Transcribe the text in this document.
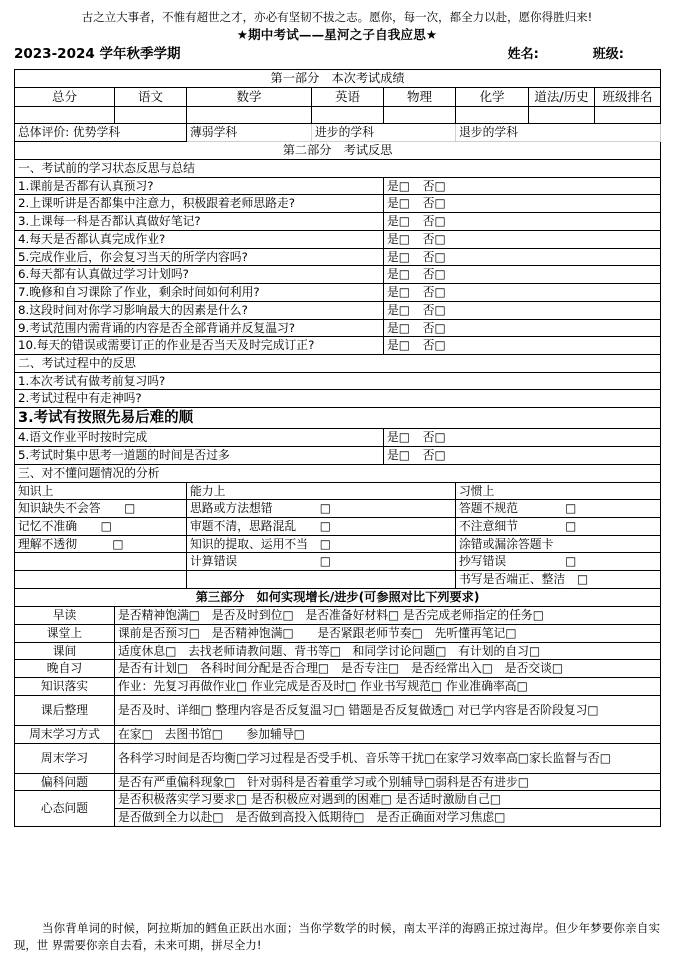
古之立大事者，不惟有超世之才，亦必有坚韧不拔之志。愿你，每一次，都全力以赴，愿你得胜归来!
★期中考试——星河之子自我应思★
2023-2024 学年秋季学期	姓名:	班级:
第一部分　本次考试成绩							
总分	语文	数学	英语	物理	化学	道法/历史	班级排名

总体评价: 优势学科		薄弱学科	进步的学科		退步的学科		
第二部分　考试反思							
一、考试前的学习状态反思与总结							
1.课前是否都有认真预习?				是□ 否□			
2.上课听讲是否都集中注意力，积极跟着老师思路走?				是□ 否□			
3.上课每一科是否都认真做好笔记?				是□ 否□			
4.每天是否都认真完成作业?				是□ 否□			
5.完成作业后，你会复习当天的所学内容吗?				是□ 否□			
6.每天都有认真做过学习计划吗?				是□ 否□			
7.晚修和自习课除了作业，剩余时间如何利用?				是□ 否□			
8.这段时间对你学习影响最大的因素是什么?				是□ 否□			
9.考试范围内需背诵的内容是否全部背诵并反复温习?				是□ 否□			
10.每天的错误或需要订正的作业是否当天及时完成订正?				是□ 否□			
二、考试过程中的反思							
1.本次考试有做考前复习吗?							
2.考试过程中有走神吗?							
3.考试有按照先易后难的顺							
4.语文作业平时按时完成				是□ 否□			
5.考试时集中思考一道题的时间是否过多				是□ 否□			
三、对不懂问题情况的分析							
知识上		能力上			习惯上		
知识缺失不会答　　□		思路或方法想错　　　　□			答题不规范　　　　□		
记忆不准确　　□		审题不清，思路混乱　　□			不注意细节　　　　□		
理解不透彻　　　□		知识的提取、运用不当　□			涂错或漏涂答题卡		
		计算错误　　　　　　　□			抄写错误　　　　　□		
					书写是否端正、整洁　□		
第三部分　如何实现增长/进步(可参照对比下列要求)							
早读	是否精神饱满□　是否及时到位□　是否准备好材料□ 是否完成老师指定的任务□						
课堂上	课前是否预习□　是否精神饱满□　　是否紧跟老师节奏□　先听懂再笔记□						
课间	适度休息□　去找老师请教问题、背书等□　和同学讨论问题□　有计划的自习□						
晚自习	是否有计划□　各科时间分配是否合理□　是否专注□　是否经常出入□　是否交谈□						
知识落实	作业：先复习再做作业□ 作业完成是否及时□ 作业书写规范□ 作业准确率高□						
课后整理	是否及时、详细□ 整理内容是否反复温习□ 错题是否反复做透□ 对已学内容是否阶段复习□						
周末学习方式	在家□　去图书馆□　　参加辅导□						
周末学习	各科学习时间是否均衡□学习过程是否受手机、音乐等干扰□在家学习效率高□家长监督与否□						
偏科问题	是否有严重偏科现象□　针对弱科是否着重学习或个别辅导□弱科是否有进步□						
心态问题	是否积极落实学习要求□ 是否积极应对遇到的困难□ 是否适时激励自己□						
	是否做到全力以赴□　是否做到高投入低期待□　是否正确面对学习焦虑□						
当你背单词的时候，阿拉斯加的鳕鱼正跃出水面；当你学数学的时候，南太平洋的海鸥正掠过海岸。但少年梦要你亲自实现，世 界需要你亲自去看，未来可期，拼尽全力!
